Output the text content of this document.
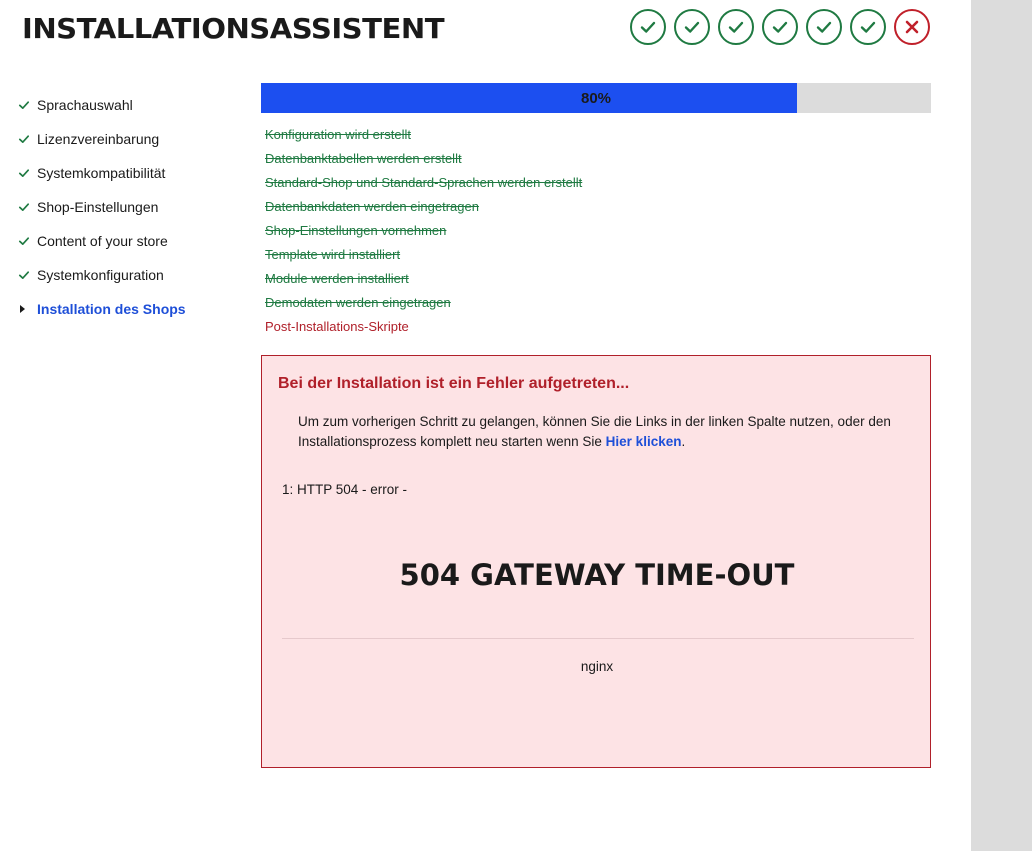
INSTALLATIONSASSISTENT
Sprachauswahl
Lizenzvereinbarung
Systemkompatibilität
Shop-Einstellungen
Content of your store
Systemkonfiguration
Installation des Shops
80%
Konfiguration wird erstellt
Datenbanktabellen werden erstellt
Standard-Shop und Standard-Sprachen werden erstellt
Datenbankdaten werden eingetragen
Shop-Einstellungen vornehmen
Template wird installiert
Module werden installiert
Demodaten werden eingetragen
Post-Installations-Skripte
Bei der Installation ist ein Fehler aufgetreten...

Um zum vorherigen Schritt zu gelangen, können Sie die Links in der linken Spalte nutzen, oder den Installationsprozess komplett neu starten wenn Sie Hier klicken.

1: HTTP 504 - error -
504 GATEWAY TIME-OUT
nginx
